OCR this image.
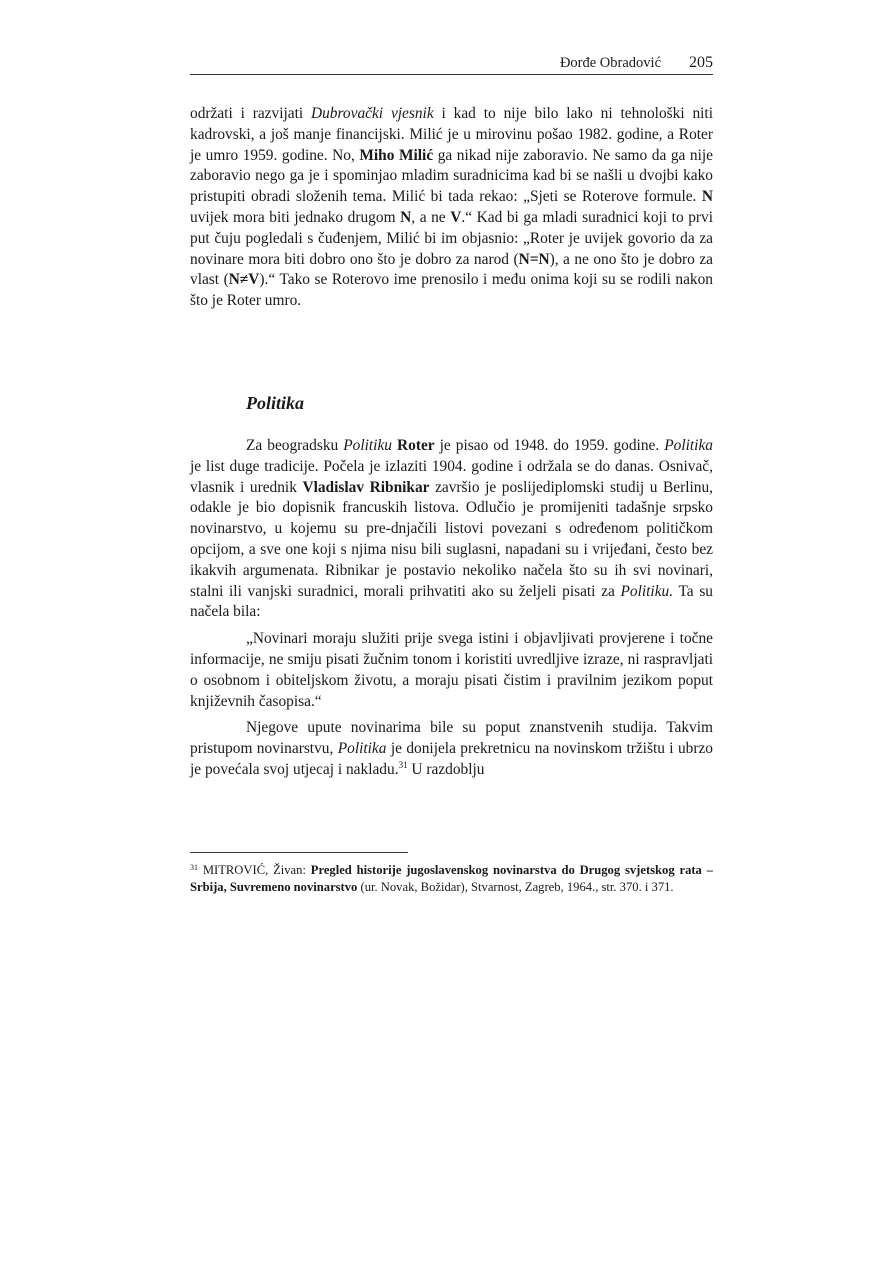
Đorđe Obradović 205

održati i razvijati Dubrovački vjesnik i kad to nije bilo lako ni tehnološki niti kadrovski, a još manje financijski. Milić je u mirovinu pošao 1982. godine, a Roter je umro 1959. godine. No, Miho Milić ga nikad nije zaboravio. Ne samo da ga nije zaboravio nego ga je i spominjao mladim suradnicima kad bi se našli u dvojbi kako pristupiti obradi složenih tema. Milić bi tada rekao: „Sjeti se Roterove formule. N uvijek mora biti jednako drugom N, a ne V.“ Kad bi ga mladi suradnici koji to prvi put čuju pogledali s čuđenjem, Milić bi im objasnio: „Roter je uvijek govorio da za novinare mora biti dobro ono što je dobro za narod (N=N), a ne ono što je dobro za vlast (N≠V).“ Tako se Roterovo ime prenosilo i među onima koji su se rodili nakon što je Roter umro.

Politika

Za beogradsku Politiku Roter je pisao od 1948. do 1959. godine. Politika je list duge tradicije. Počela je izlaziti 1904. godine i održala se do danas. Osnivač, vlasnik i urednik Vladislav Ribnikar završio je poslijediplomski studij u Berlinu, odakle je bio dopisnik francuskih listova. Odlučio je promijeniti tadašnje srpsko novinarstvo, u kojemu su pre-dnjačili listovi povezani s određenom političkom opcijom, a sve one koji s njima nisu bili suglasni, napadani su i vrijeđani, često bez ikakvih argumenata. Ribnikar je postavio nekoliko načela što su ih svi novinari, stalni ili vanjski suradnici, morali prihvatiti ako su željeli pisati za Politiku. Ta su načela bila:

„Novinari moraju služiti prije svega istini i objavljivati provjerene i točne informacije, ne smiju pisati žučnim tonom i koristiti uvredljive izraze, ni raspravljati o osobnom i obiteljskom životu, a moraju pisati čistim i pravilnim jezikom poput književnih časopisa.“

Njegove upute novinarima bile su poput znanstvenih studija. Takvim pristupom novinarstvu, Politika je donijela prekretnicu na novinskom tržištu i ubrzo je povećala svoj utjecaj i nakladu.$^{31}$ U razdoblju

$^{31}$ MITROVIĆ, Živan: Pregled historije jugoslavenskog novinarstva do Drugog svjetskog rata – Srbija, Suvremeno novinarstvo (ur. Novak, Božidar), Stvarnost, Zagreb, 1964., str. 370. i 371.
